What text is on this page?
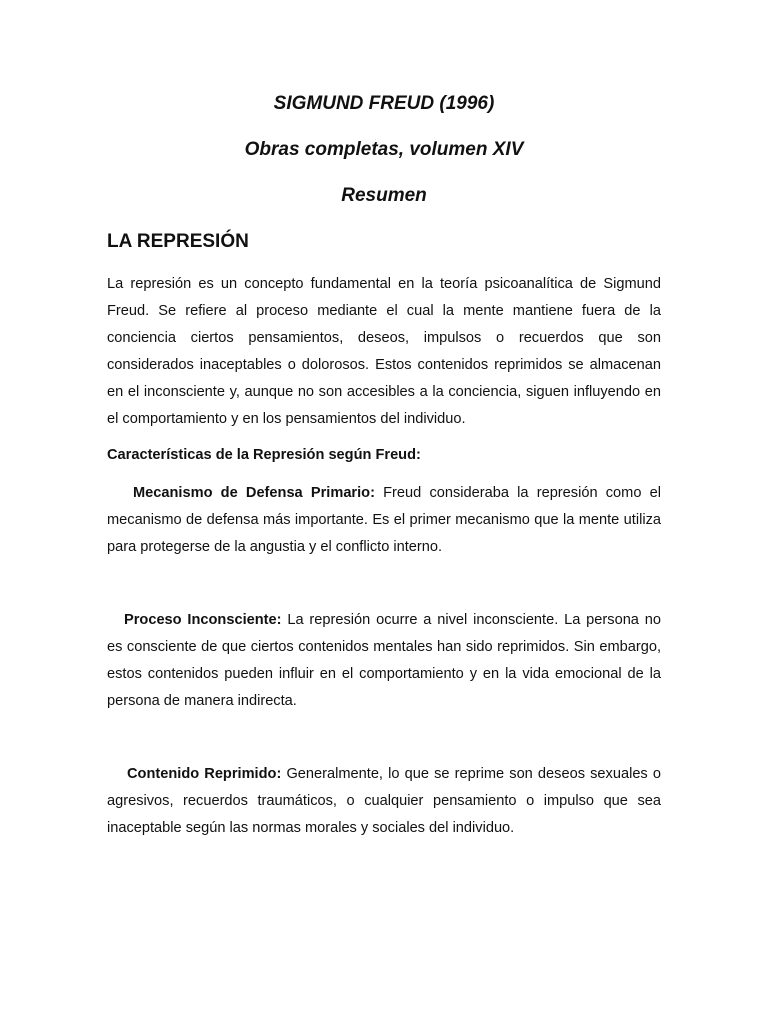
SIGMUND FREUD (1996)
Obras completas, volumen XIV
Resumen
LA REPRESIÓN

La represión es un concepto fundamental en la teoría psicoanalítica de Sigmund Freud. Se refiere al proceso mediante el cual la mente mantiene fuera de la conciencia ciertos pensamientos, deseos, impulsos o recuerdos que son considerados inaceptables o dolorosos. Estos contenidos reprimidos se almacenan en el inconsciente y, aunque no son accesibles a la conciencia, siguen influyendo en el comportamiento y en los pensamientos del individuo.

Características de la Represión según Freud:

Mecanismo de Defensa Primario: Freud consideraba la represión como el mecanismo de defensa más importante. Es el primer mecanismo que la mente utiliza para protegerse de la angustia y el conflicto interno.

Proceso Inconsciente: La represión ocurre a nivel inconsciente. La persona no es consciente de que ciertos contenidos mentales han sido reprimidos. Sin embargo, estos contenidos pueden influir en el comportamiento y en la vida emocional de la persona de manera indirecta.

Contenido Reprimido: Generalmente, lo que se reprime son deseos sexuales o agresivos, recuerdos traumáticos, o cualquier pensamiento o impulso que sea inaceptable según las normas morales y sociales del individuo.
